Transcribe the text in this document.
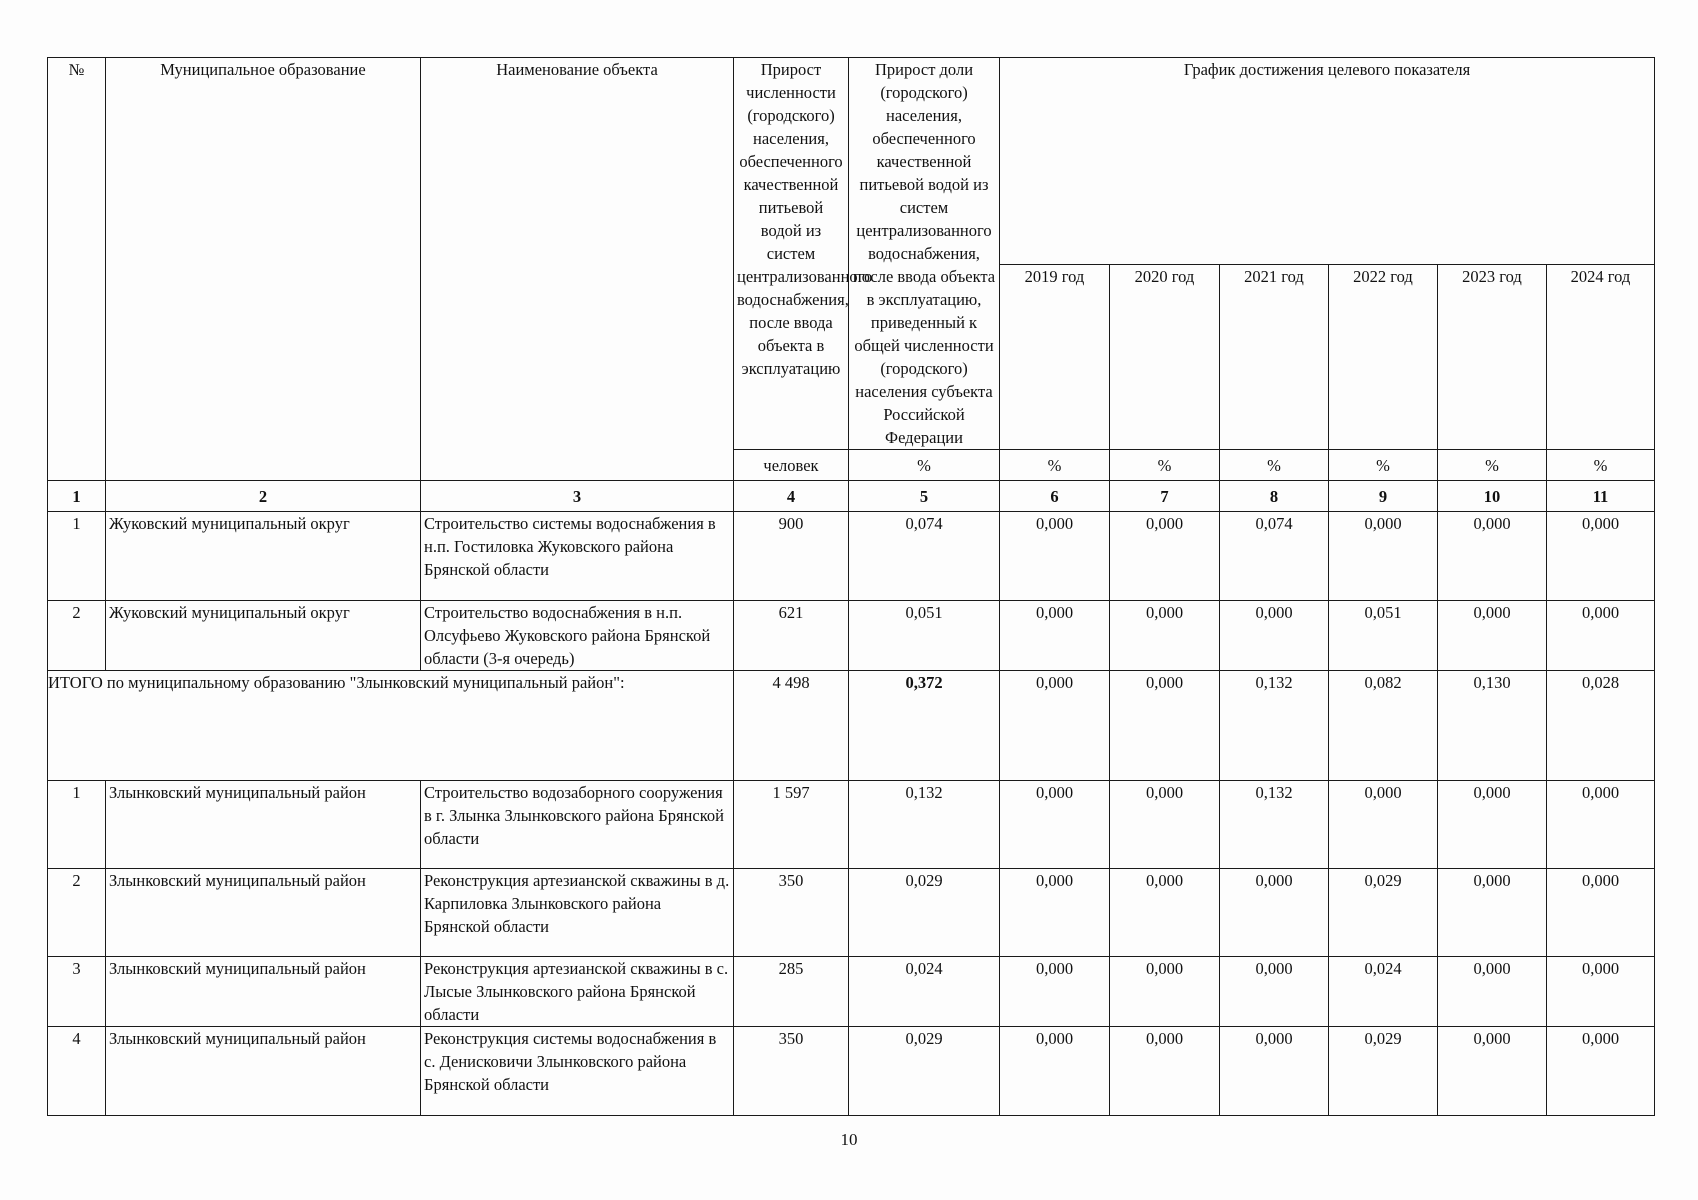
№	Муниципальное образование	Наименование объекта	Прирост численности (городского) населения, обеспеченного качественной питьевой водой из систем централизованного водоснабжения, после ввода объекта в эксплуатацию	Прирост доли (городского) населения, обеспеченного качественной питьевой водой из систем централизованного водоснабжения, после ввода объекта в эксплуатацию, приведенный к общей численности (городского) населения субъекта Российской Федерации	График достижения целевого показателя					
					2019 год	2020 год	2021 год	2022 год	2023 год	2024 год
			человек	%	%	%	%	%	%	%
1	2	3	4	5	6	7	8	9	10	11
1	Жуковский муниципальный округ	Строительство системы водоснабжения в н.п. Гостиловка Жуковского района Брянской области	900	0,074	0,000	0,000	0,074	0,000	0,000	0,000
2	Жуковский муниципальный округ	Строительство водоснабжения в н.п. Олсуфьево Жуковского района Брянской области (3-я очередь)	621	0,051	0,000	0,000	0,000	0,051	0,000	0,000
ИТОГО по муниципальному образованию "Злынковский муниципальный район":			4 498	0,372	0,000	0,000	0,132	0,082	0,130	0,028
1	Злынковский муниципальный район	Строительство водозаборного сооружения в г. Злынка Злынковского района Брянской области	1 597	0,132	0,000	0,000	0,132	0,000	0,000	0,000
2	Злынковский муниципальный район	Реконструкция артезианской скважины в д. Карпиловка Злынковского района Брянской области	350	0,029	0,000	0,000	0,000	0,029	0,000	0,000
3	Злынковский муниципальный район	Реконструкция артезианской скважины в с. Лысые Злынковского района Брянской области	285	0,024	0,000	0,000	0,000	0,024	0,000	0,000
4	Злынковский муниципальный район	Реконструкция системы водоснабжения в с. Денисковичи Злынковского района Брянской области	350	0,029	0,000	0,000	0,000	0,029	0,000	0,000
10
